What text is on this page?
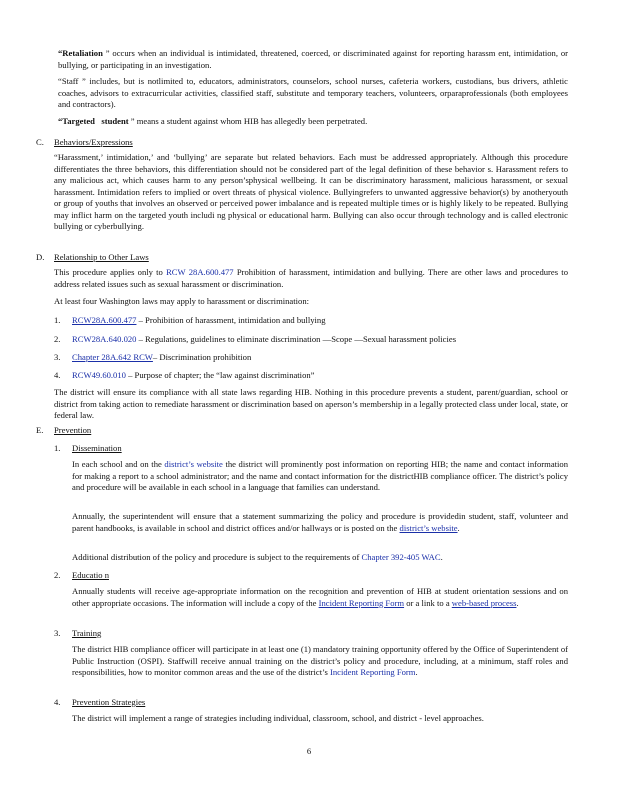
“Retaliation ” occurs when an individual is intimidated, threatened, coerced, or discriminated against for reporting harassm ent, intimidation, or bullying, or participating in an investigation.
“Staff ” includes, but is notlimited to, educators, administrators, counselors, school nurses, cafeteria workers, custodians, bus drivers, athletic coaches, advisors to extracurricular activities, classified staff, substitute and temporary teachers, volunteers, orparaprofessionals (both employees and contractors).
“Targeted student ” means a student against whom HIB has allegedly been perpetrated.
C. Behaviors/Expressions
“Harassment,’ intimidation,’ and ‘bullying’ are separate but related behaviors. Each must be addressed appropriately. Although this procedure differentiates the three behaviors, this differentiation should not be considered part of the legal definition of these behavior s. Harassment refers to any malicious act, which causes harm to any person’sphysical wellbeing. It can be discriminatory harassment, malicious harassment, or sexual harassment. Intimidation refers to implied or overt threats of physical violence. Bullyingrefers to unwanted aggressive behavior(s) by anotheryouth or group of youths that involves an observed or perceived power imbalance and is repeated multiple times or is highly likely to be repeated. Bullying may inflict harm on the targeted youth includi ng physical or educational harm. Bullying can also occur through technology and is called electronic bullying or cyberbullying.
D. Relationship to Other Laws
This procedure applies only to RCW 28A.600.477 Prohibition of harassment, intimidation and bullying. There are other laws and procedures to address related issues such as sexual harassment or discrimination.
At least four Washington laws may apply to harassment or discrimination:
1. RCW28A.600.477 – Prohibition of harassment, intimidation and bullying
2. RCW28A.640.020 – Regulations, guidelines to eliminate discrimination —Scope —Sexual harassment policies
3. Chapter 28A.642 RCW– Discrimination prohibition
4. RCW49.60.010 – Purpose of chapter; the “law against discrimination”
The district will ensure its compliance with all state laws regarding HIB. Nothing in this procedure prevents a student, parent/guardian, school or district from taking action to remediate harassment or discrimination based on aperson’s membership in a legally protected class under local, state, or federal law.
E. Prevention
1. Dissemination
In each school and on the district’s website the district will prominently post information on reporting HIB; the name and contact information for making a report to a school administrator; and the name and contact information for the districtHIB compliance officer. The district’s policy and procedure will be available in each school in a language that families can understand.
Annually, the superintendent will ensure that a statement summarizing the policy and procedure is providedin student, staff, volunteer and parent handbooks, is available in school and district offices and/or hallways or is posted on the district’s website.
Additional distribution of the policy and procedure is subject to the requirements of Chapter 392-405 WAC.
2. Educatio n
Annually students will receive age-appropriate information on the recognition and prevention of HIB at student orientation sessions and on other appropriate occasions. The information will include a copy of the Incident Reporting Form or a link to a web-based process.
3. Training
The district HIB compliance officer will participate in at least one (1) mandatory training opportunity offered by the Office of Superintendent of Public Instruction (OSPI). Staffwill receive annual training on the district’s policy and procedure, including, at a minimum, staff roles and responsibilities, how to monitor common areas and the use of the district’s Incident Reporting Form.
4. Prevention Strategies
The district will implement a range of strategies including individual, classroom, school, and district - level approaches.
6
